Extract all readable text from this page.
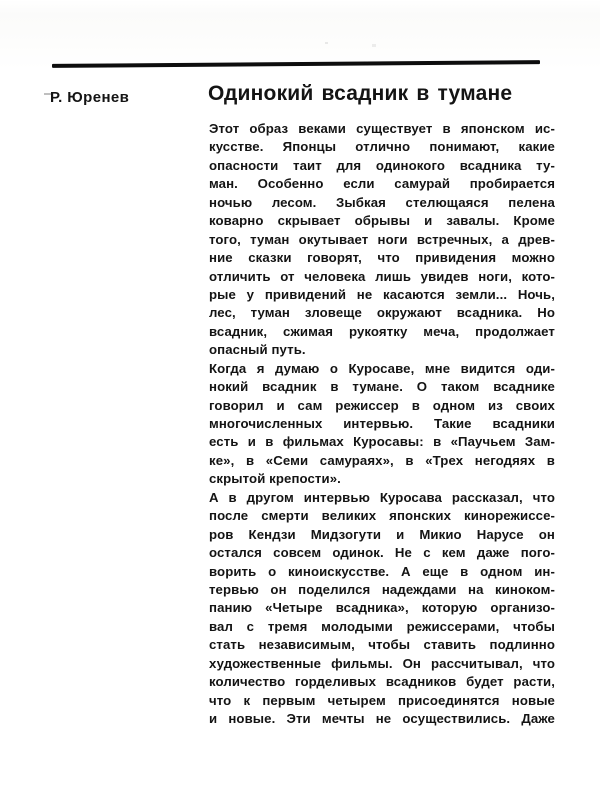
Р. Юренев	Одинокий всадник в тумане
Этот образ веками существует в японском ис-
кусстве. Японцы отлично понимают, какие
опасности таит для одинокого всадника ту-
ман. Особенно если самурай пробирается
ночью лесом. Зыбкая стелющаяся пелена
коварно скрывает обрывы и завалы. Кроме
того, туман окутывает ноги встречных, а древ-
ние сказки говорят, что привидения можно
отличить от человека лишь увидев ноги, кото-
рые у привидений не касаются земли... Ночь,
лес, туман зловеще окружают всадника. Но
всадник, сжимая рукоятку меча, продолжает
опасный путь.
Когда я думаю о Куросаве, мне видится оди-
нокий всадник в тумане. О таком всаднике
говорил и сам режиссер в одном из своих
многочисленных интервью. Такие всадники
есть и в фильмах Куросавы: в «Паучьем Зам-
ке», в «Семи самураях», в «Трех негодяях в
скрытой крепости».
А в другом интервью Куросава рассказал, что
после смерти великих японских кинорежиссе-
ров Кендзи Мидзогути и Микио Нарусе он
остался совсем одинок. Не с кем даже пого-
ворить о киноискусстве. А еще в одном ин-
тервью он поделился надеждами на киноком-
панию «Четыре всадника», которую организо-
вал с тремя молодыми режиссерами, чтобы
стать независимым, чтобы ставить подлинно
художественные фильмы. Он рассчитывал, что
количество горделивых всадников будет расти,
что к первым четырем присоединятся новые
и новые. Эти мечты не осуществились. Даже
